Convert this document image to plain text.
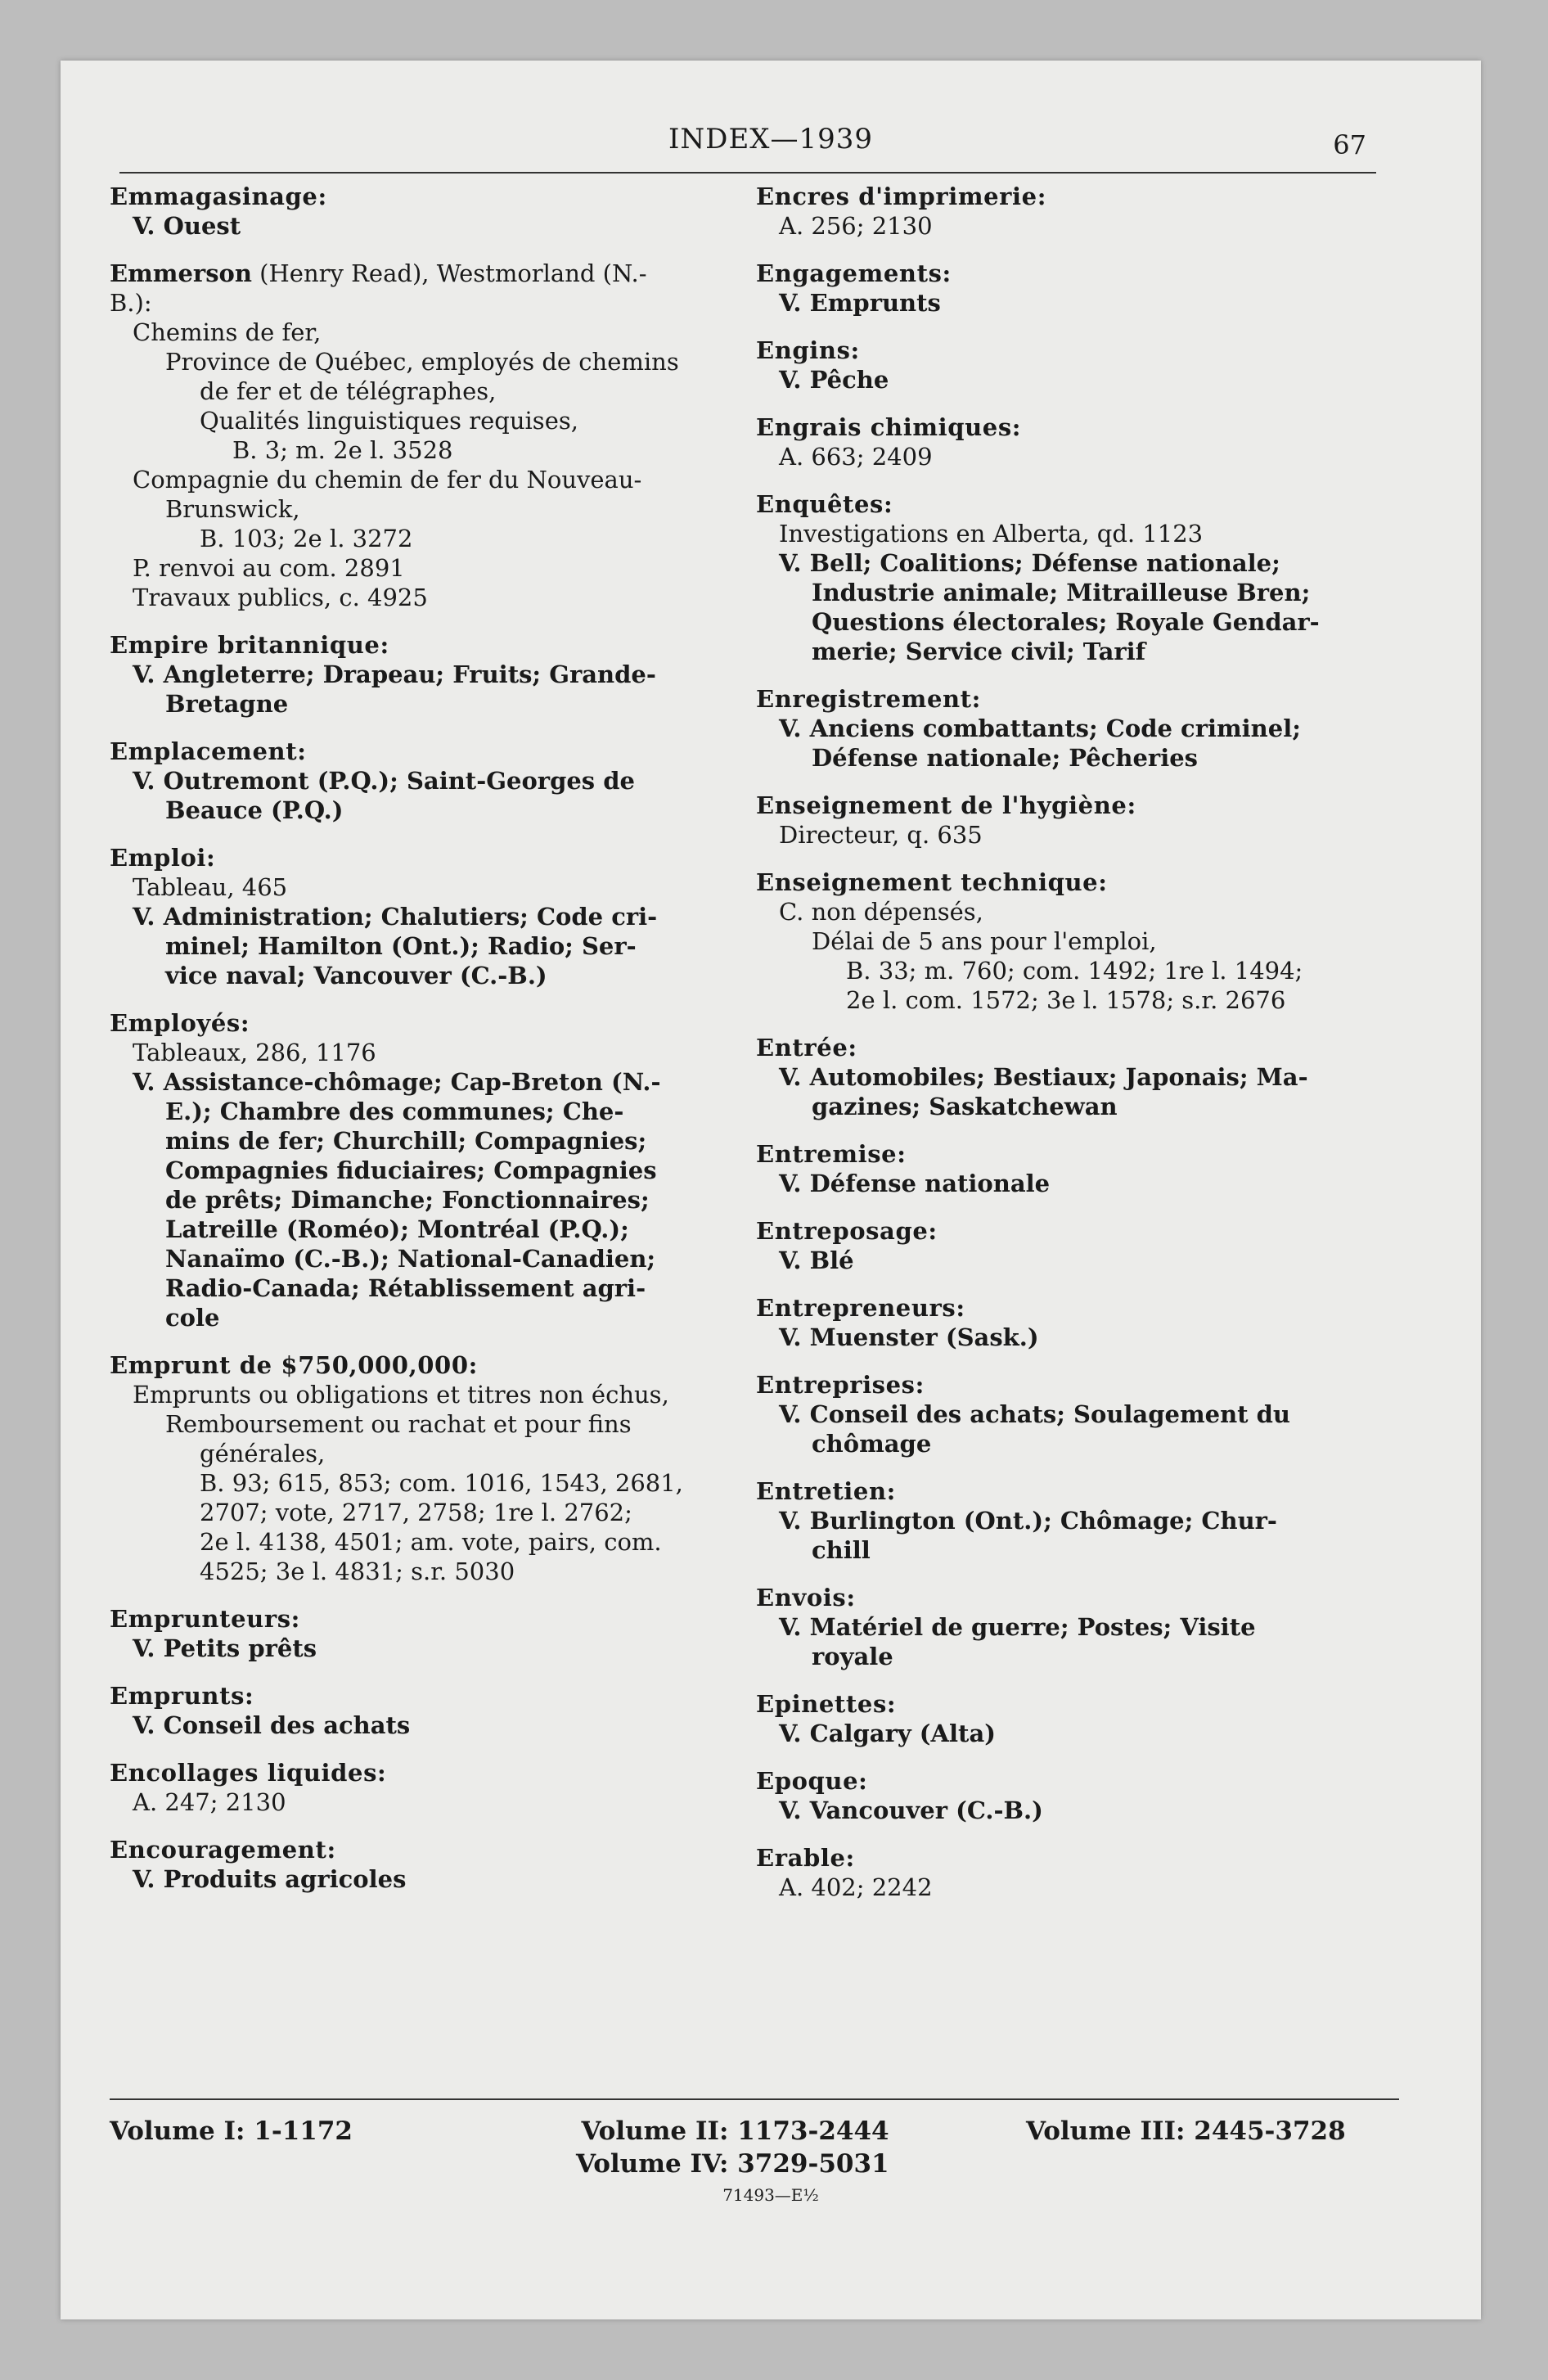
INDEX—1939	67
Emmagasinage:
V. Ouest
Emmerson (Henry Read), Westmorland (N.-
B.):
Chemins de fer,
Province de Québec, employés de chemins
de fer et de télégraphes,
Qualités linguistiques requises,
B. 3; m. 2e l. 3528
Compagnie du chemin de fer du Nouveau-
Brunswick,
B. 103; 2e l. 3272
P. renvoi au com. 2891
Travaux publics, c. 4925
Empire britannique:
V. Angleterre; Drapeau; Fruits; Grande-
Bretagne
Emplacement:
V. Outremont (P.Q.); Saint-Georges de
Beauce (P.Q.)
Emploi:
Tableau, 465
V. Administration; Chalutiers; Code cri-
minel; Hamilton (Ont.); Radio; Ser-
vice naval; Vancouver (C.-B.)
Employés:
Tableaux, 286, 1176
V. Assistance-chômage; Cap-Breton (N.-
E.); Chambre des communes; Che-
mins de fer; Churchill; Compagnies;
Compagnies fiduciaires; Compagnies
de prêts; Dimanche; Fonctionnaires;
Latreille (Roméo); Montréal (P.Q.);
Nanaïmo (C.-B.); National-Canadien;
Radio-Canada; Rétablissement agri-
cole
Emprunt de $750,000,000:
Emprunts ou obligations et titres non échus,
Remboursement ou rachat et pour fins
générales,
B. 93; 615, 853; com. 1016, 1543, 2681,
2707; vote, 2717, 2758; 1re l. 2762;
2e l. 4138, 4501; am. vote, pairs, com.
4525; 3e l. 4831; s.r. 5030
Emprunteurs:
V. Petits prêts
Emprunts:
V. Conseil des achats
Encollages liquides:
A. 247; 2130
Encouragement:
V. Produits agricoles
Encres d'imprimerie:
A. 256; 2130
Engagements:
V. Emprunts
Engins:
V. Pêche
Engrais chimiques:
A. 663; 2409
Enquêtes:
Investigations en Alberta, qd. 1123
V. Bell; Coalitions; Défense nationale;
Industrie animale; Mitrailleuse Bren;
Questions électorales; Royale Gendar-
merie; Service civil; Tarif
Enregistrement:
V. Anciens combattants; Code criminel;
Défense nationale; Pêcheries
Enseignement de l'hygiène:
Directeur, q. 635
Enseignement technique:
C. non dépensés,
Délai de 5 ans pour l'emploi,
B. 33; m. 760; com. 1492; 1re l. 1494;
2e l. com. 1572; 3e l. 1578; s.r. 2676
Entrée:
V. Automobiles; Bestiaux; Japonais; Ma-
gazines; Saskatchewan
Entremise:
V. Défense nationale
Entreposage:
V. Blé
Entrepreneurs:
V. Muenster (Sask.)
Entreprises:
V. Conseil des achats; Soulagement du
chômage
Entretien:
V. Burlington (Ont.); Chômage; Chur-
chill
Envois:
V. Matériel de guerre; Postes; Visite
royale
Epinettes:
V. Calgary (Alta)
Epoque:
V. Vancouver (C.-B.)
Erable:
A. 402; 2242
Volume I: 1-1172	Volume II: 1173-2444
Volume IV: 3729-5031
Volume III: 2445-3728
71493—E½
